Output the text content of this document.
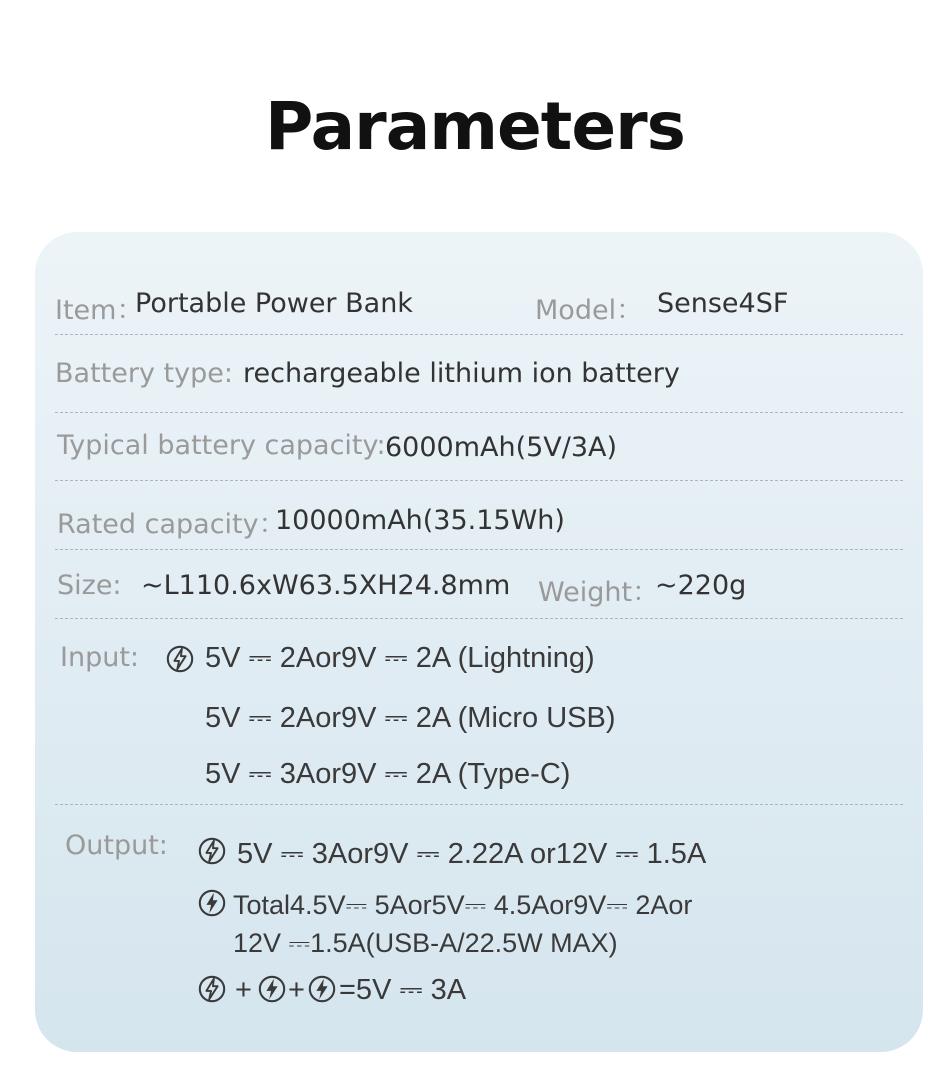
Parameters
Item：
Portable Power Bank	Model： Sense4SF
Battery type: rechargeable lithium ion battery
Typical battery capacity: 6000mAh(5V/3A)
Rated capacity：
10000mAh(35.15Wh)
Size: ~L110.6xW63.5XH24.8mm Weight：
~220g
Input: 5V ⎓ 2Aor9V ⎓ 2A (Lightning)
5V ⎓ 2Aor9V ⎓ 2A (Micro USB)
5V ⎓ 3Aor9V ⎓ 2A (Type-C)
Output: 5V ⎓ 3Aor9V ⎓ 2.22A or12V ⎓ 1.5A
Total4.5V⎓ 5Aor5V⎓ 4.5Aor9V⎓ 2Aor
12V ⎓1.5A(USB-A/22.5W MAX)
+ + =5V ⎓ 3A
